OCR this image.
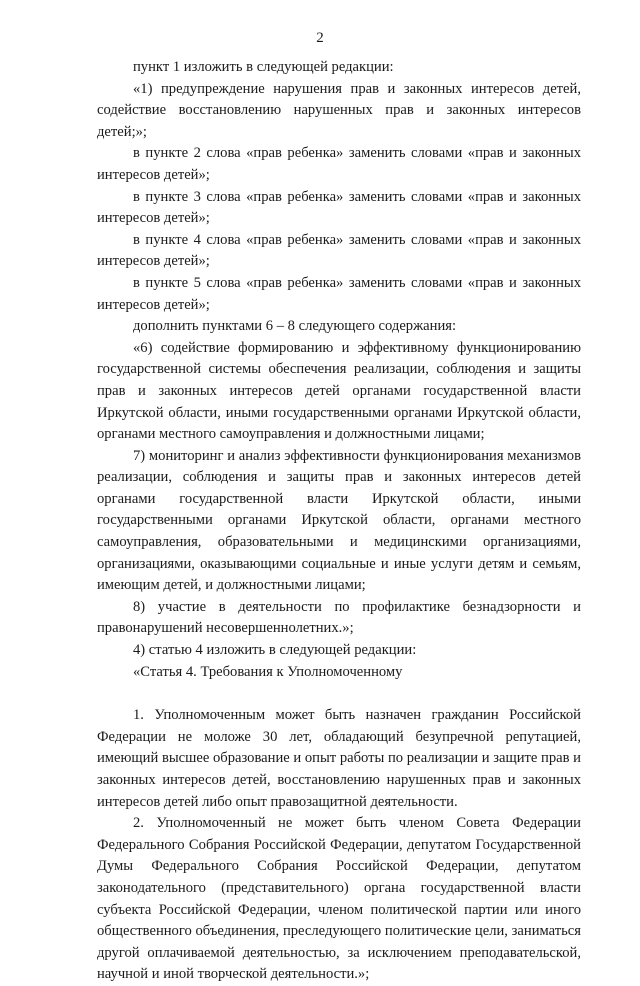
2

пункт 1 изложить в следующей редакции:

«1) предупреждение нарушения прав и законных интересов детей, содействие восстановлению нарушенных прав и законных интересов детей;»;

в пункте 2 слова «прав ребенка» заменить словами «прав и законных интересов детей»;

в пункте 3 слова «прав ребенка» заменить словами «прав и законных интересов детей»;

в пункте 4 слова «прав ребенка» заменить словами «прав и законных интересов детей»;

в пункте 5 слова «прав ребенка» заменить словами «прав и законных интересов детей»;

дополнить пунктами 6 – 8 следующего содержания:

«6) содействие формированию и эффективному функционированию государственной системы обеспечения реализации, соблюдения и защиты прав и законных интересов детей органами государственной власти Иркутской области, иными государственными органами Иркутской области, органами местного самоуправления и должностными лицами;

7) мониторинг и анализ эффективности функционирования механизмов реализации, соблюдения и защиты прав и законных интересов детей органами государственной власти Иркутской области, иными государственными органами Иркутской области, органами местного самоуправления, образовательными и медицинскими организациями, организациями, оказывающими социальные и иные услуги детям и семьям, имеющим детей, и должностными лицами;

8) участие в деятельности по профилактике безнадзорности и правонарушений несовершеннолетних.»;

4) статью 4 изложить в следующей редакции:

«Статья 4. Требования к Уполномоченному

1. Уполномоченным может быть назначен гражданин Российской Федерации не моложе 30 лет, обладающий безупречной репутацией, имеющий высшее образование и опыт работы по реализации и защите прав и законных интересов детей, восстановлению нарушенных прав и законных интересов детей либо опыт правозащитной деятельности.

2. Уполномоченный не может быть членом Совета Федерации Федерального Собрания Российской Федерации, депутатом Государственной Думы Федерального Собрания Российской Федерации, депутатом законодательного (представительного) органа государственной власти субъекта Российской Федерации, членом политической партии или иного общественного объединения, преследующего политические цели, заниматься другой оплачиваемой деятельностью, за исключением преподавательской, научной и иной творческой деятельности.»;
